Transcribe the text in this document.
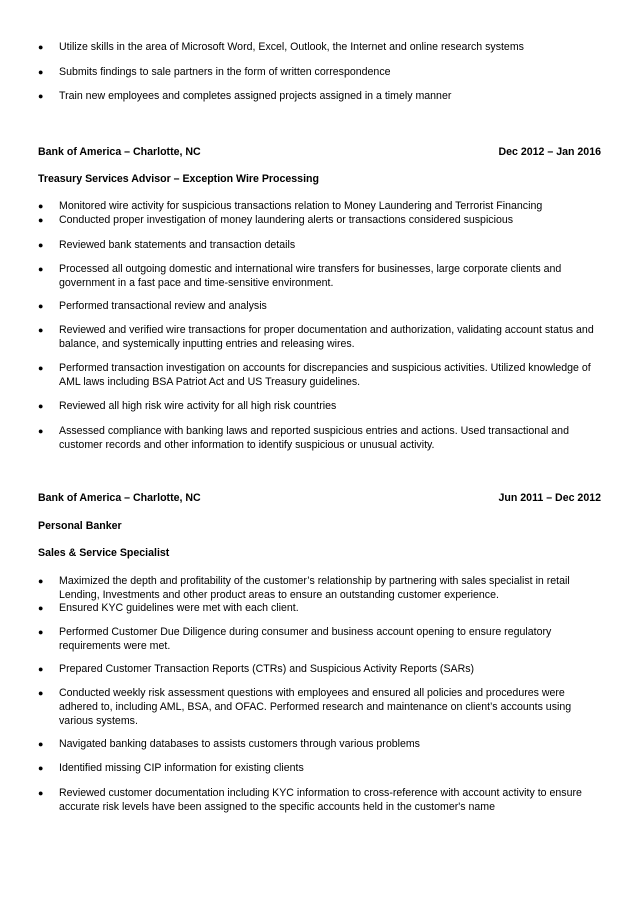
●	Utilize skills in the area of Microsoft Word, Excel, Outlook, the Internet and online research systems
●	Submits findings to sale partners in the form of written correspondence
●	Train new employees and completes assigned projects assigned in a timely manner
Bank of America – Charlotte, NC	Dec 2012 – Jan 2016
Treasury Services Advisor – Exception Wire Processing
●	Monitored wire activity for suspicious transactions relation to Money Laundering and Terrorist Financing
●	Conducted proper investigation of money laundering alerts or transactions considered suspicious
●	Reviewed bank statements and transaction details
●	Processed all outgoing domestic and international wire transfers for businesses, large corporate clients and government in a fast pace and time-sensitive environment.
●	Performed transactional review and analysis
●	Reviewed and verified wire transactions for proper documentation and authorization, validating account status and balance, and systemically inputting entries and releasing wires.
●	Performed transaction investigation on accounts for discrepancies and suspicious activities. Utilized knowledge of AML laws including BSA Patriot Act and US Treasury guidelines.
●	Reviewed all high risk wire activity for all high risk countries
●	Assessed compliance with banking laws and reported suspicious entries and actions. Used transactional and customer records and other information to identify suspicious or unusual activity.
Bank of America – Charlotte, NC	Jun 2011 – Dec 2012
Personal Banker
Sales & Service Specialist
●	Maximized the depth and profitability of the customer’s relationship by partnering with sales specialist in retail Lending, Investments and other product areas to ensure an outstanding customer experience.
●	Ensured KYC guidelines were met with each client.
●	Performed Customer Due Diligence during consumer and business account opening to ensure regulatory requirements were met.
●	Prepared Customer Transaction Reports (CTRs) and Suspicious Activity Reports (SARs)
●	Conducted weekly risk assessment questions with employees and ensured all policies and procedures were adhered to, including AML, BSA, and OFAC. Performed research and maintenance on client’s accounts using various systems.
●	Navigated banking databases to assists customers through various problems
●	Identified missing CIP information for existing clients
●	Reviewed customer documentation including KYC information to cross-reference with account activity to ensure accurate risk levels have been assigned to the specific accounts held in the customer's name
